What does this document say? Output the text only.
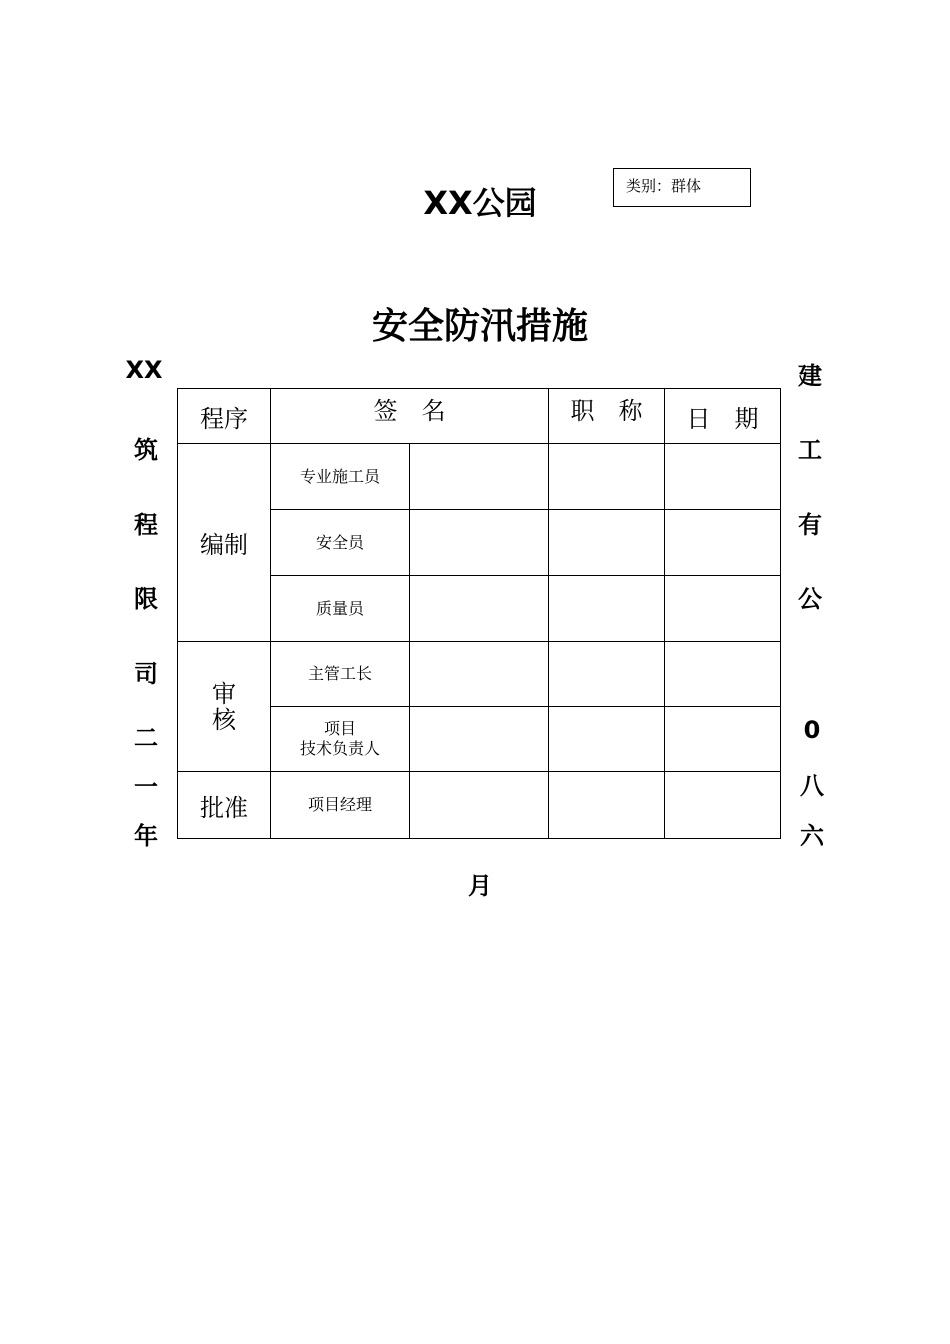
XX公园	类别：群体
安全防汛措施
XX
筑
程
限
司
二
一
年
建
工
有
公
0
八
六
程序	签　名		职　称	日　期
编制	专业施工员			
	安全员			
	质量员			
审
核	主管工长			

	项目
技术负责人			

批准	项目经理			
月
